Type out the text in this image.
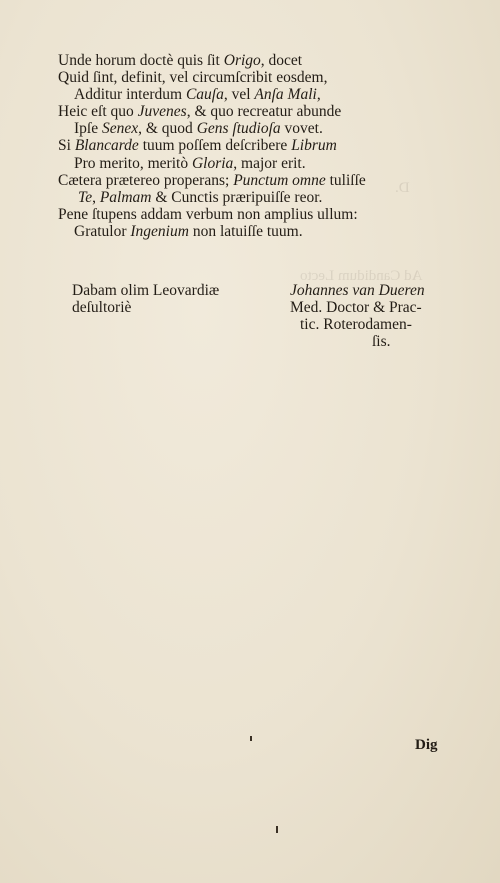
D.
Ad Candidum Lecto
Unde horum doctè quis ſit Origo, docet
Quid ſint, definit, vel circumſcribit eosdem,
Additur interdum Cauſa, vel Anſa Mali,
Heic eſt quo Juvenes, & quo recreatur abunde
Ipſe Senex, & quod Gens ſtudioſa vovet.
Si Blancarde tuum poſſem deſcribere Librum
Pro merito, meritò Gloria, major erit.
Cætera prætereo properans; Punctum omne tuliſſe
Te, Palmam & Cunctis præripuiſſe reor.
Pene ſtupens addam verbum non amplius ullum:
Gratulor Ingenium non latuiſſe tuum.
Dabam olim Leovardiæ
deſultoriè
Johannes van Dueren
Med. Doctor & Prac-
tic. Roterodamen-
ſis.
Dig
